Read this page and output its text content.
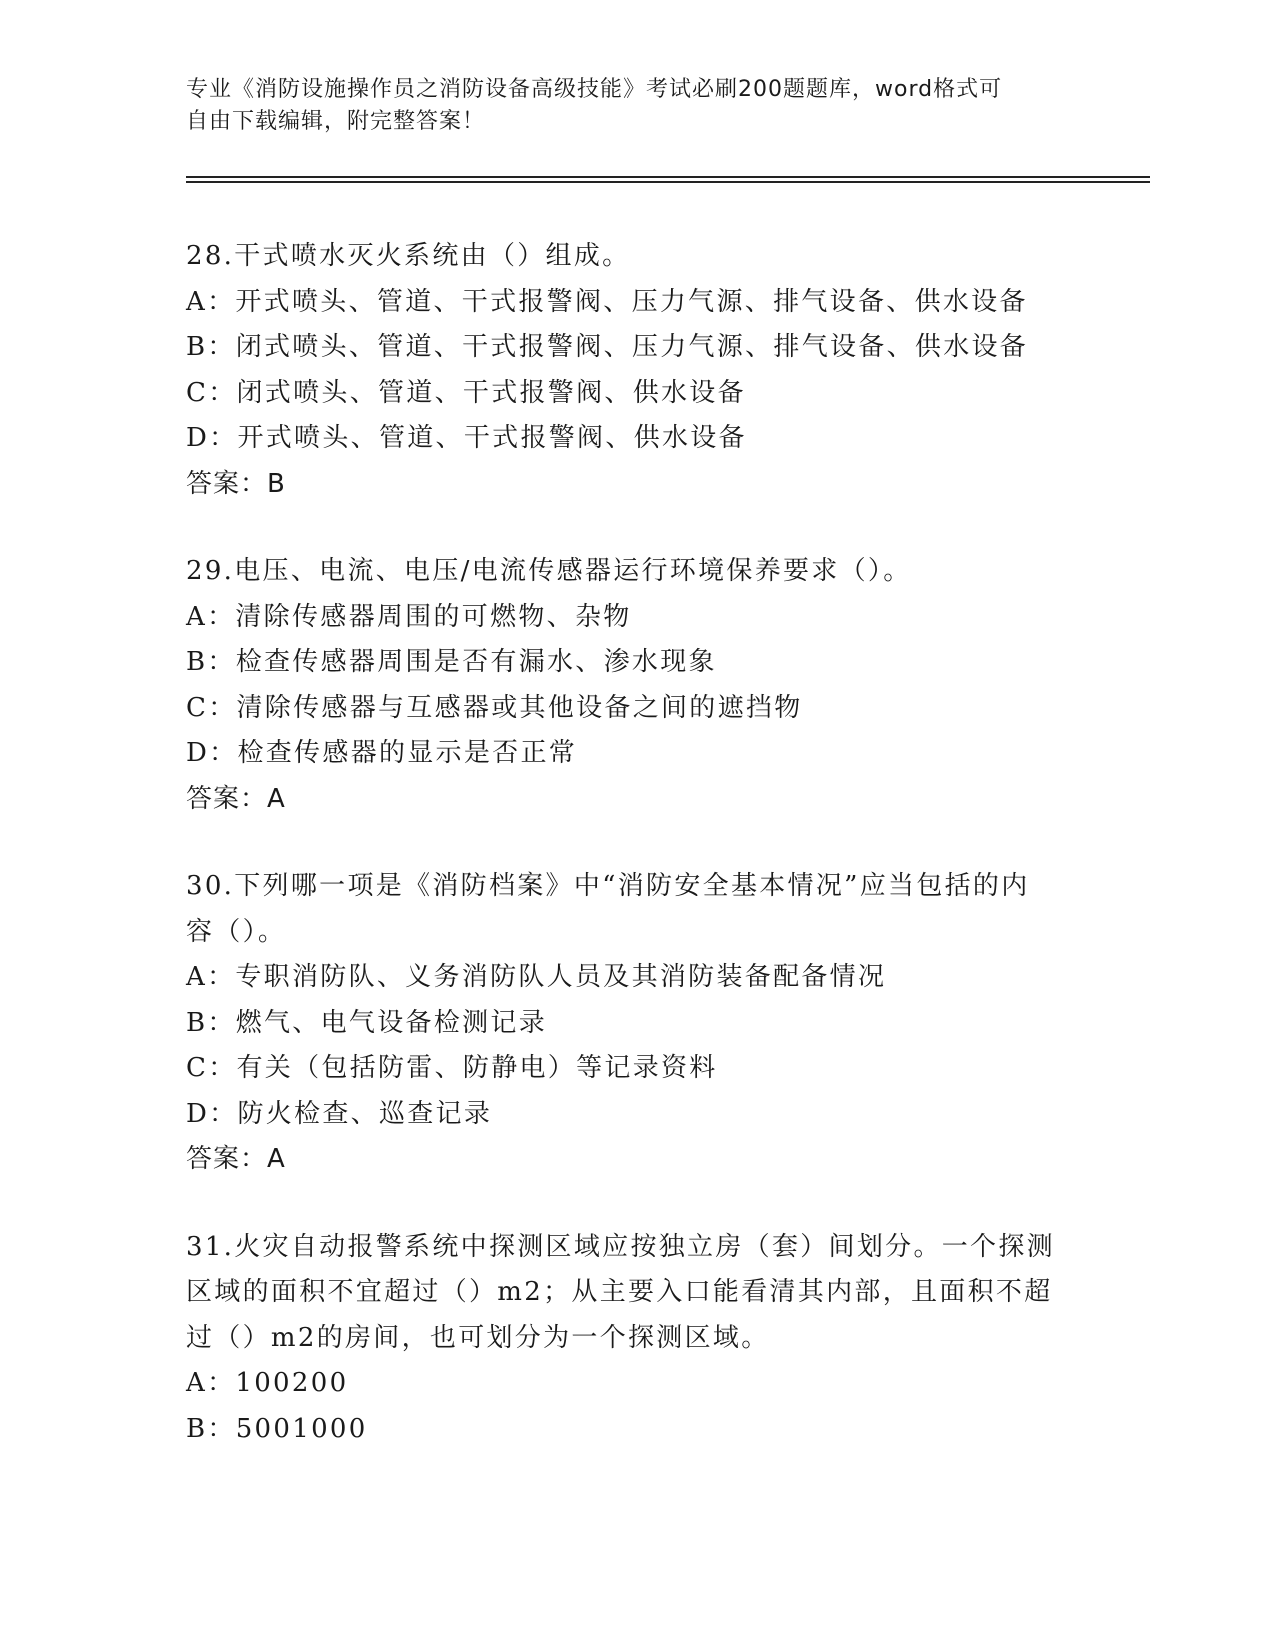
专业《消防设施操作员之消防设备高级技能》考试必刷200题题库，word格式可
自由下载编辑，附完整答案！
28.干式喷水灭火系统由（）组成。
A：开式喷头、管道、干式报警阀、压力气源、排气设备、供水设备
B：闭式喷头、管道、干式报警阀、压力气源、排气设备、供水设备
C：闭式喷头、管道、干式报警阀、供水设备
D：开式喷头、管道、干式报警阀、供水设备
答案：B
29.电压、电流、电压/电流传感器运行环境保养要求（）。
A：清除传感器周围的可燃物、杂物
B：检查传感器周围是否有漏水、渗水现象
C：清除传感器与互感器或其他设备之间的遮挡物
D：检查传感器的显示是否正常
答案：A
30.下列哪一项是《消防档案》中“消防安全基本情况”应当包括的内
容（）。
A：专职消防队、义务消防队人员及其消防装备配备情况
B：燃气、电气设备检测记录
C：有关（包括防雷、防静电）等记录资料
D：防火检查、巡查记录
答案：A
31.火灾自动报警系统中探测区域应按独立房（套）间划分。一个探测
区域的面积不宜超过（）m2；从主要入口能看清其内部，且面积不超
过（）m2的房间，也可划分为一个探测区域。
A：100200
B：5001000
